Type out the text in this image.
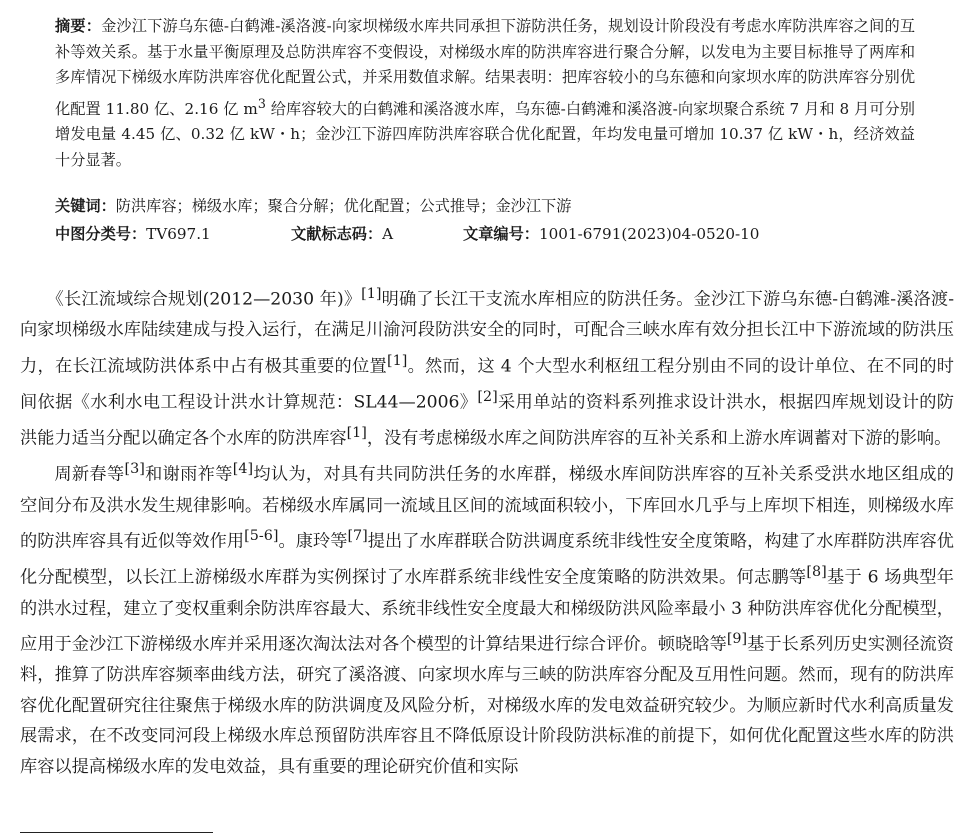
摘要：金沙江下游乌东德-白鹤滩-溪洛渡-向家坝梯级水库共同承担下游防洪任务，规划设计阶段没有考虑水库防洪库容之间的互补等效关系。基于水量平衡原理及总防洪库容不变假设，对梯级水库的防洪库容进行聚合分解，以发电为主要目标推导了两库和多库情况下梯级水库防洪库容优化配置公式，并采用数值求解。结果表明：把库容较小的乌东德和向家坝水库的防洪库容分别优化配置 11.80 亿、2.16 亿 $m^3$ 给库容较大的白鹤滩和溪洛渡水库，乌东德-白鹤滩和溪洛渡-向家坝聚合系统 7 月和 8 月可分别增发电量 4.45 亿、0.32 亿 kW・h；金沙江下游四库防洪库容联合优化配置，年均发电量可增加 10.37 亿 kW・h，经济效益十分显著。

关键词：防洪库容；梯级水库；聚合分解；优化配置；公式推导；金沙江下游
中图分类号：TV697.1	文献标志码：A	文章编号：1001-6791(2023)04-0520-10

《长江流域综合规划(2012—2030 年)》[1]明确了长江干支流水库相应的防洪任务。金沙江下游乌东德-白鹤滩-溪洛渡-向家坝梯级水库陆续建成与投入运行，在满足川渝河段防洪安全的同时，可配合三峡水库有效分担长江中下游流域的防洪压力，在长江流域防洪体系中占有极其重要的位置[1]。然而，这 4 个大型水利枢纽工程分别由不同的设计单位、在不同的时间依据《水利水电工程设计洪水计算规范：SL44—2006》[2]采用单站的资料系列推求设计洪水，根据四库规划设计的防洪能力适当分配以确定各个水库的防洪库容[1]，没有考虑梯级水库之间防洪库容的互补关系和上游水库调蓄对下游的影响。

周新春等[3]和谢雨祚等[4]均认为，对具有共同防洪任务的水库群，梯级水库间防洪库容的互补关系受洪水地区组成的空间分布及洪水发生规律影响。若梯级水库属同一流域且区间的流域面积较小，下库回水几乎与上库坝下相连，则梯级水库的防洪库容具有近似等效作用[5-6]。康玲等[7]提出了水库群联合防洪调度系统非线性安全度策略，构建了水库群防洪库容优化分配模型，以长江上游梯级水库群为实例探讨了水库群系统非线性安全度策略的防洪效果。何志鹏等[8]基于 6 场典型年的洪水过程，建立了变权重剩余防洪库容最大、系统非线性安全度最大和梯级防洪风险率最小 3 种防洪库容优化分配模型，应用于金沙江下游梯级水库并采用逐次淘汰法对各个模型的计算结果进行综合评价。顿晓晗等[9]基于长系列历史实测径流资料，推算了防洪库容频率曲线方法，研究了溪洛渡、向家坝水库与三峡的防洪库容分配及互用性问题。然而，现有的防洪库容优化配置研究往往聚焦于梯级水库的防洪调度及风险分析，对梯级水库的发电效益研究较少。为顺应新时代水利高质量发展需求，在不改变同河段上梯级水库总预留防洪库容且不降低原设计阶段防洪标准的前提下，如何优化配置这些水库的防洪库容以提高梯级水库的发电效益，具有重要的理论研究价值和实际
